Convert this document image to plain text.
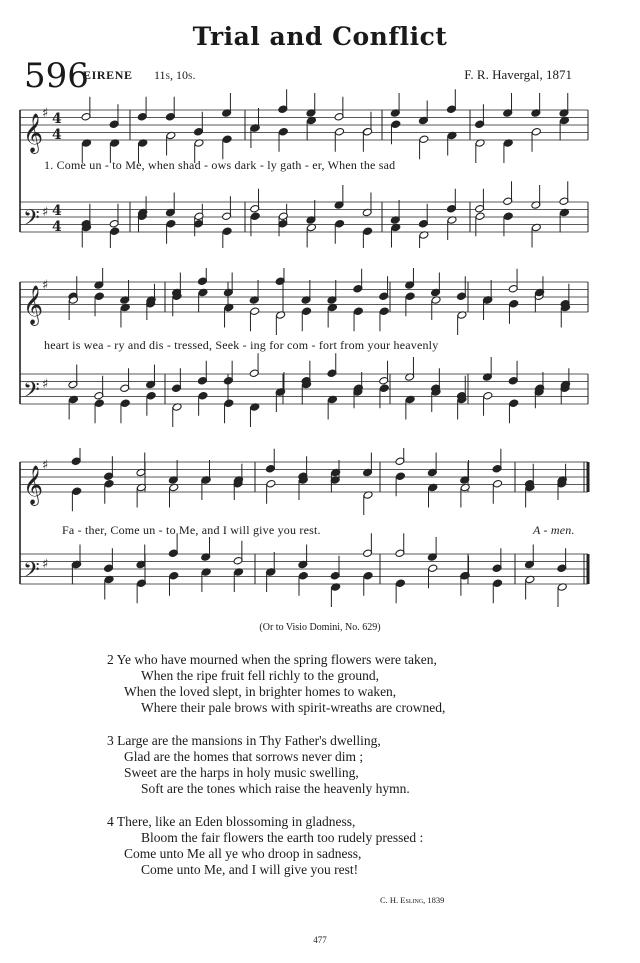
Trial and Conflict
596
EIRENE 11s, 10s.	F. R. Havergal, 1871
𝄞
♯ 4
4
𝄢 ♯ 4
4
1. Come un - to Me, when shad - ows dark - ly gath - er, When the sad
𝄞
♯
𝄢 ♯
heart is wea - ry and dis - tressed, Seek - ing for com - fort from your heavenly
𝄞
♯
𝄢 ♯
Fa - ther, Come un - to Me, and I will give you rest.	A - men.
(Or to Visio Domini, No. 629)
2 Ye who have mourned when the spring flowers were taken,
When the ripe fruit fell richly to the ground,
When the loved slept, in brighter homes to waken,
Where their pale brows with spirit-wreaths are crowned,
3 Large are the mansions in Thy Father's dwelling,
Glad are the homes that sorrows never dim ;
Sweet are the harps in holy music swelling,
Soft are the tones which raise the heavenly hymn.
4 There, like an Eden blossoming in gladness,
Bloom the fair flowers the earth too rudely pressed :
Come unto Me all ye who droop in sadness,
Come unto Me, and I will give you rest!
C. H. Esling, 1839
477
